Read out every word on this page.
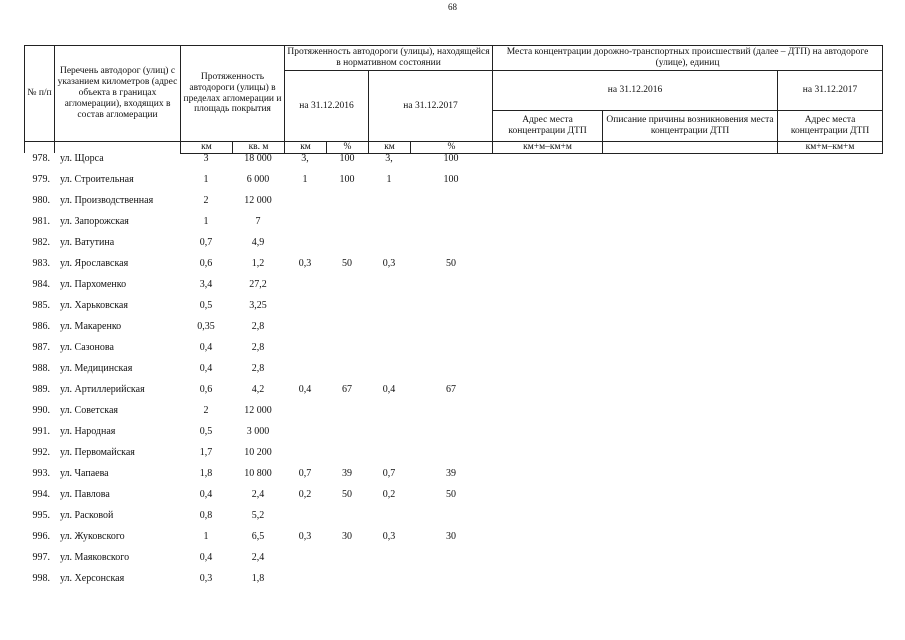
68
№ п/п	Перечень автодорог (улиц) с указанием километров (адрес объекта в границах агломерации), входящих в состав агломерации	Протяженность автодороги (улицы) в пределах агломерации и площадь покрытия		Протяженность автодороги (улицы), находящейся в нормативном состоянии				Места концентрации дорожно-транспортных происшествий (далее – ДТП) на автодороге (улице), единиц		
				на 31.12.2016		на 31.12.2017		на 31.12.2016		на 31.12.2017
								Адрес места концентрации ДТП	Описание причины возникновения места концентрации ДТП	Адрес места концентрации ДТП
		км	кв. м	км	%	км	%	км+м–км+м		км+м–км+м
978.	ул. Щорса	3	18 000	3,	100	3,	100			
979.	ул. Строительная	1	6 000	1	100	1	100			
980.	ул. Производственная	2	12 000							
981.	ул. Запорожская	1	7							
982.	ул. Ватутина	0,7	4,9							
983.	ул. Ярославская	0,6	1,2	0,3	50	0,3	50			
984.	ул. Пархоменко	3,4	27,2							
985.	ул. Харьковская	0,5	3,25							
986.	ул. Макаренко	0,35	2,8							
987.	ул. Сазонова	0,4	2,8							
988.	ул. Медицинская	0,4	2,8							
989.	ул. Артиллерийская	0,6	4,2	0,4	67	0,4	67			
990.	ул. Советская	2	12 000							
991.	ул. Народная	0,5	3 000							
992.	ул. Первомайская	1,7	10 200							
993.	ул. Чапаева	1,8	10 800	0,7	39	0,7	39			
994.	ул. Павлова	0,4	2,4	0,2	50	0,2	50			
995.	ул. Расковой	0,8	5,2							
996.	ул. Жуковского	1	6,5	0,3	30	0,3	30			
997.	ул. Маяковского	0,4	2,4							
998.	ул. Херсонская	0,3	1,8							
